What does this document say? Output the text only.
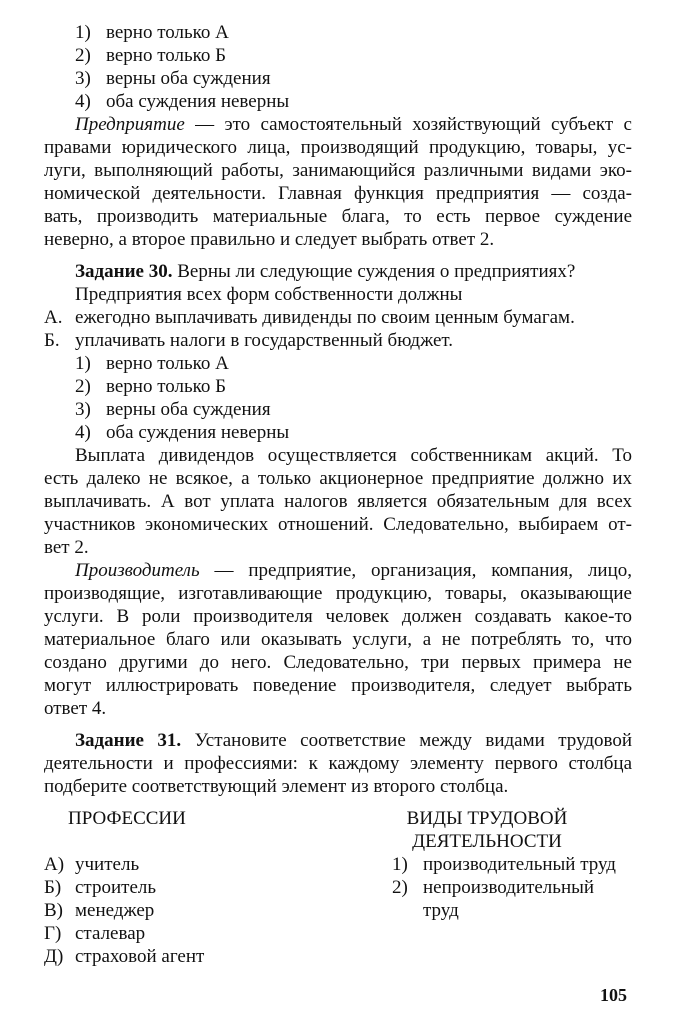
1) верно только А
2) верно только Б
3) верны оба суждения
4) оба суждения неверны
Предприятие — это самостоятельный хозяйствующий субъект с
правами юридического лица, производящий продукцию, товары, ус-
луги, выполняющий работы, занимающийся различными видами эко-
номической деятельности. Главная функция предприятия — созда-
вать, производить материальные блага, то есть первое суждение
неверно, а второе правильно и следует выбрать ответ 2.
Задание 30. Верны ли следующие суждения о предприятиях?
Предприятия всех форм собственности должны
А. ежегодно выплачивать дивиденды по своим ценным бумагам.
Б. уплачивать налоги в государственный бюджет.
1) верно только А
2) верно только Б
3) верны оба суждения
4) оба суждения неверны
Выплата дивидендов осуществляется собственникам акций. То
есть далеко не всякое, а только акционерное предприятие должно их
выплачивать. А вот уплата налогов является обязательным для всех
участников экономических отношений. Следовательно, выбираем от-
вет 2.
Производитель — предприятие, организация, компания, лицо,
производящие, изготавливающие продукцию, товары, оказывающие
услуги. В роли производителя человек должен создавать какое-то
материальное благо или оказывать услуги, а не потреблять то, что
создано другими до него. Следовательно, три первых примера не
могут иллюстрировать поведение производителя, следует выбрать
ответ 4.
Задание 31. Установите соответствие между видами трудовой
деятельности и профессиями: к каждому элементу первого столбца
подберите соответствующий элемент из второго столбца.
ПРОФЕССИИ
А) учитель
Б) строитель
В) менеджер
Г) сталевар
Д) страховой агент
ВИДЫ ТРУДОВОЙ
ДЕЯТЕЛЬНОСТИ
1) производительный труд
2) непроизводительный
труд
105
